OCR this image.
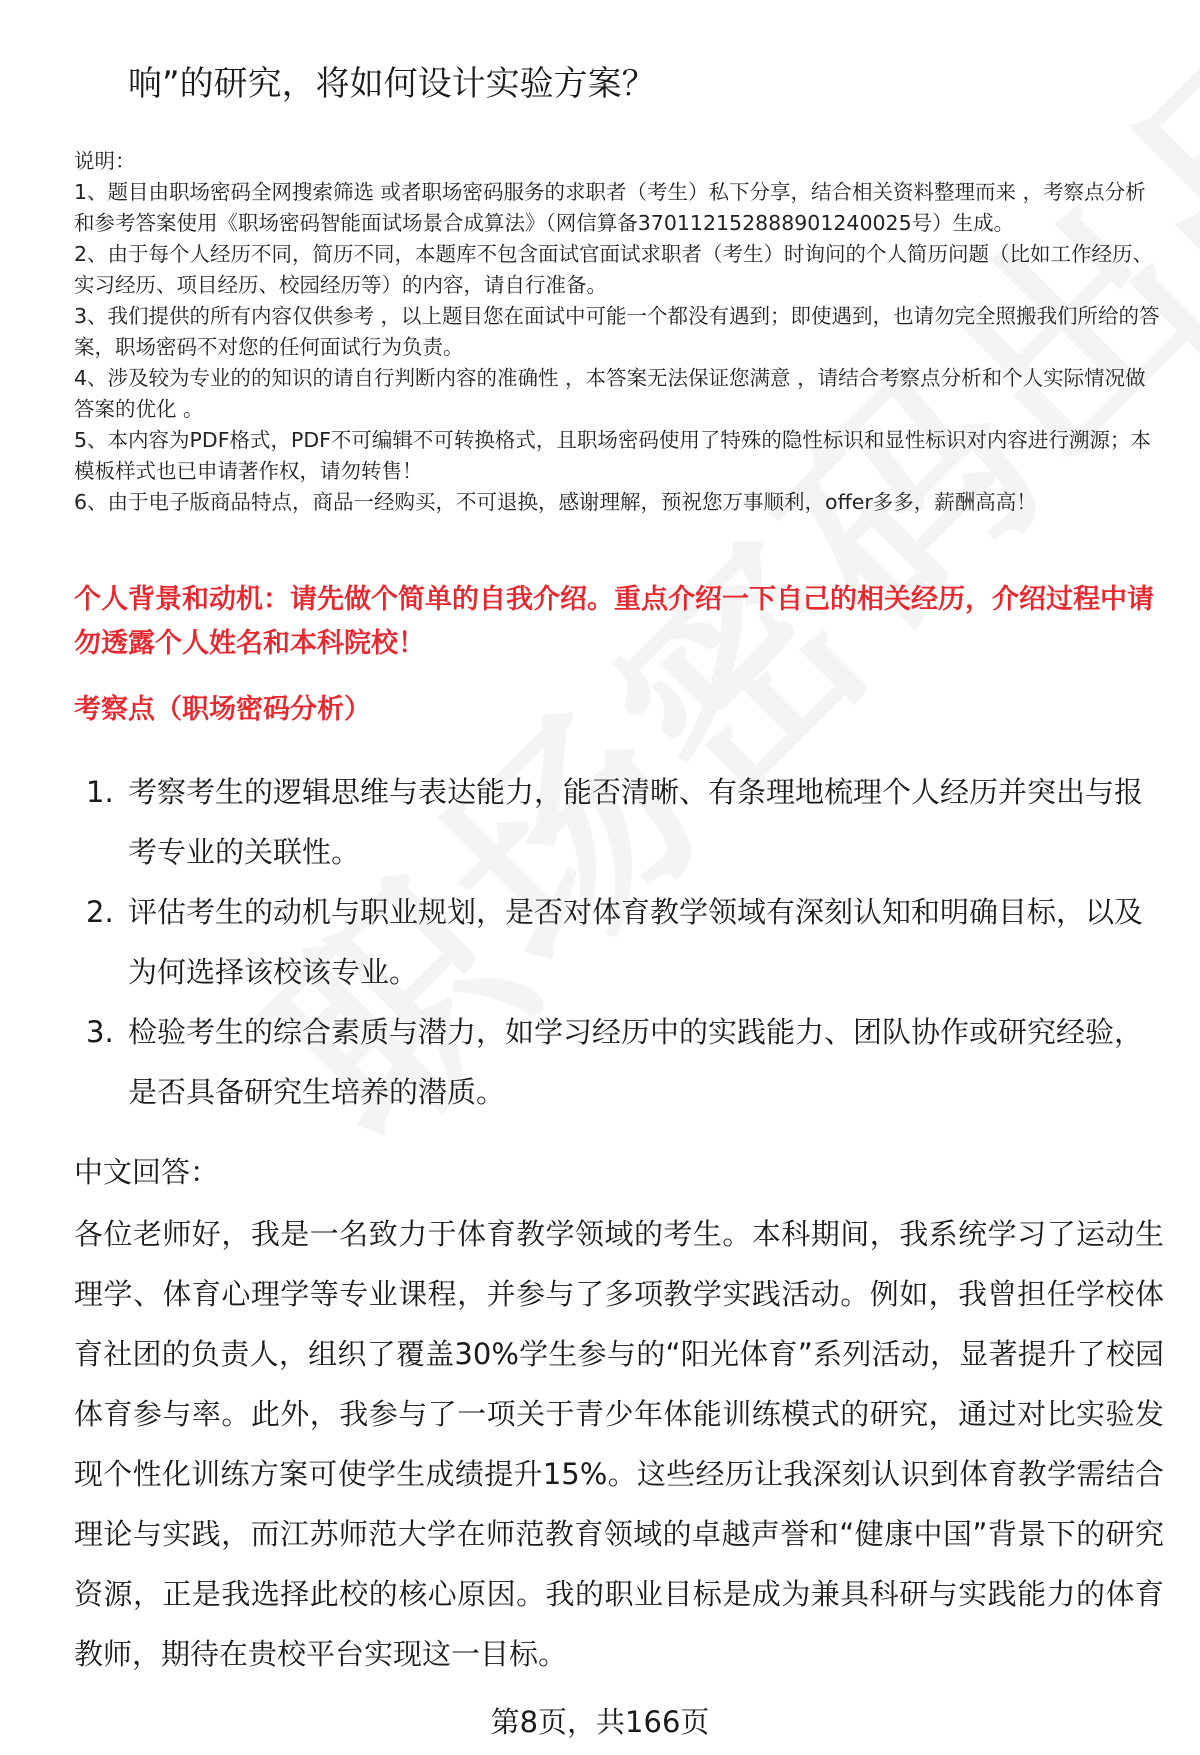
响”的研究，将如何设计实验方案？

说明：

1、题目由职场密码全网搜索筛选 或者职场密码服务的求职者（考生）私下分享，结合相关资料整理而来 ，考察点分析和参考答案使用《职场密码智能面试场景合成算法》（网信算备370112152888901240025号）生成。

2、由于每个人经历不同，简历不同，本题库不包含面试官面试求职者（考生）时询问的个人简历问题（比如工作经历、实习经历、项目经历、校园经历等）的内容，请自行准备。

3、我们提供的所有内容仅供参考 ，以上题目您在面试中可能一个都没有遇到；即使遇到，也请勿完全照搬我们所给的答案，职场密码不对您的任何面试行为负责。

4、涉及较为专业的的知识的请自行判断内容的准确性 ，本答案无法保证您满意 ，请结合考察点分析和个人实际情况做答案的优化 。

5、本内容为PDF格式，PDF不可编辑不可转换格式，且职场密码使用了特殊的隐性标识和显性标识对内容进行溯源；本模板样式也已申请著作权，请勿转售！

6、由于电子版商品特点，商品一经购买，不可退换，感谢理解，预祝您万事顺利，offer多多，薪酬高高！

个人背景和动机：请先做个简单的自我介绍。重点介绍一下自己的相关经历，介绍过程中请勿透露个人姓名和本科院校！
考察点（职场密码分析）
1. 考察考生的逻辑思维与表达能力，能否清晰、有条理地梳理个人经历并突出与报考专业的关联性。
2. 评估考生的动机与职业规划，是否对体育教学领域有深刻认知和明确目标，以及为何选择该校该专业。
3. 检验考生的综合素质与潜力，如学习经历中的实践能力、团队协作或研究经验，是否具备研究生培养的潜质。
中文回答：

各位老师好，我是一名致力于体育教学领域的考生。本科期间，我系统学习了运动生理学、体育心理学等专业课程，并参与了多项教学实践活动。例如，我曾担任学校体育社团的负责人，组织了覆盖30%学生参与的“阳光体育”系列活动，显著提升了校园体育参与率。此外，我参与了一项关于青少年体能训练模式的研究，通过对比实验发现个性化训练方案可使学生成绩提升15%。这些经历让我深刻认识到体育教学需结合理论与实践，而江苏师范大学在师范教育领域的卓越声誉和“健康中国”背景下的研究资源，正是我选择此校的核心原因。我的职业目标是成为兼具科研与实践能力的体育教师，期待在贵校平台实现这一目标。

第8页，共166页
